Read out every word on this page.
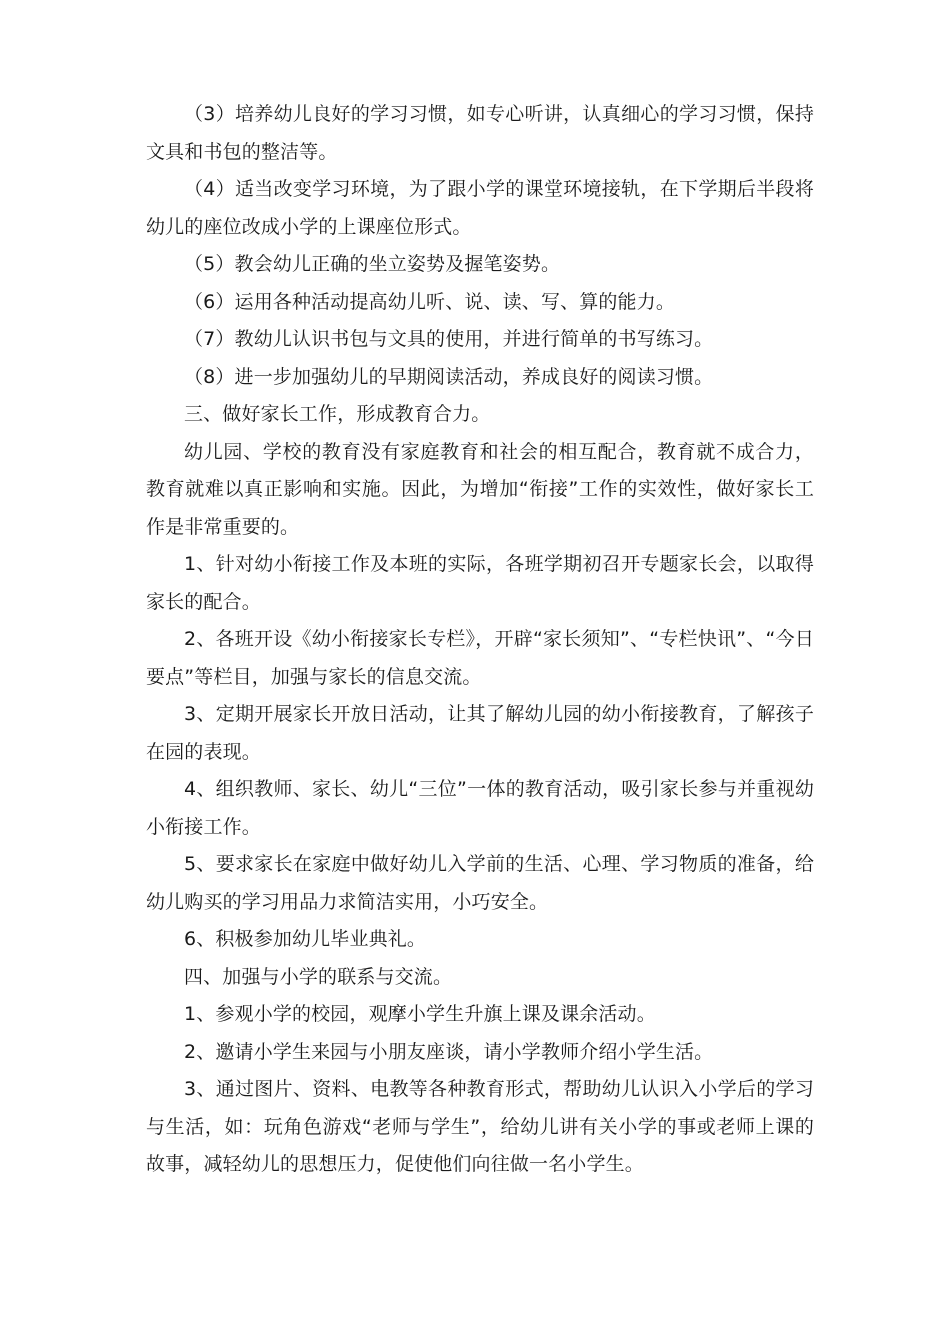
（3）培养幼儿良好的学习习惯，如专心听讲，认真细心的学习习惯，保持文具和书包的整洁等。

（4）适当改变学习环境，为了跟小学的课堂环境接轨，在下学期后半段将幼儿的座位改成小学的上课座位形式。

（5）教会幼儿正确的坐立姿势及握笔姿势。

（6）运用各种活动提高幼儿听、说、读、写、算的能力。

（7）教幼儿认识书包与文具的使用，并进行简单的书写练习。

（8）进一步加强幼儿的早期阅读活动，养成良好的阅读习惯。

三、做好家长工作，形成教育合力。

幼儿园、学校的教育没有家庭教育和社会的相互配合，教育就不成合力，教育就难以真正影响和实施。因此，为增加“衔接”工作的实效性，做好家长工作是非常重要的。

1、针对幼小衔接工作及本班的实际，各班学期初召开专题家长会，以取得家长的配合。

2、各班开设《幼小衔接家长专栏》，开辟“家长须知”、“专栏快讯”、“今日要点”等栏目，加强与家长的信息交流。

3、定期开展家长开放日活动，让其了解幼儿园的幼小衔接教育，了解孩子在园的表现。

4、组织教师、家长、幼儿“三位”一体的教育活动，吸引家长参与并重视幼小衔接工作。

5、要求家长在家庭中做好幼儿入学前的生活、心理、学习物质的准备，给幼儿购买的学习用品力求简洁实用，小巧安全。

6、积极参加幼儿毕业典礼。

四、加强与小学的联系与交流。

1、参观小学的校园，观摩小学生升旗上课及课余活动。

2、邀请小学生来园与小朋友座谈，请小学教师介绍小学生活。

3、通过图片、资料、电教等各种教育形式，帮助幼儿认识入小学后的学习与生活，如：玩角色游戏“老师与学生”，给幼儿讲有关小学的事或老师上课的故事，减轻幼儿的思想压力，促使他们向往做一名小学生。
